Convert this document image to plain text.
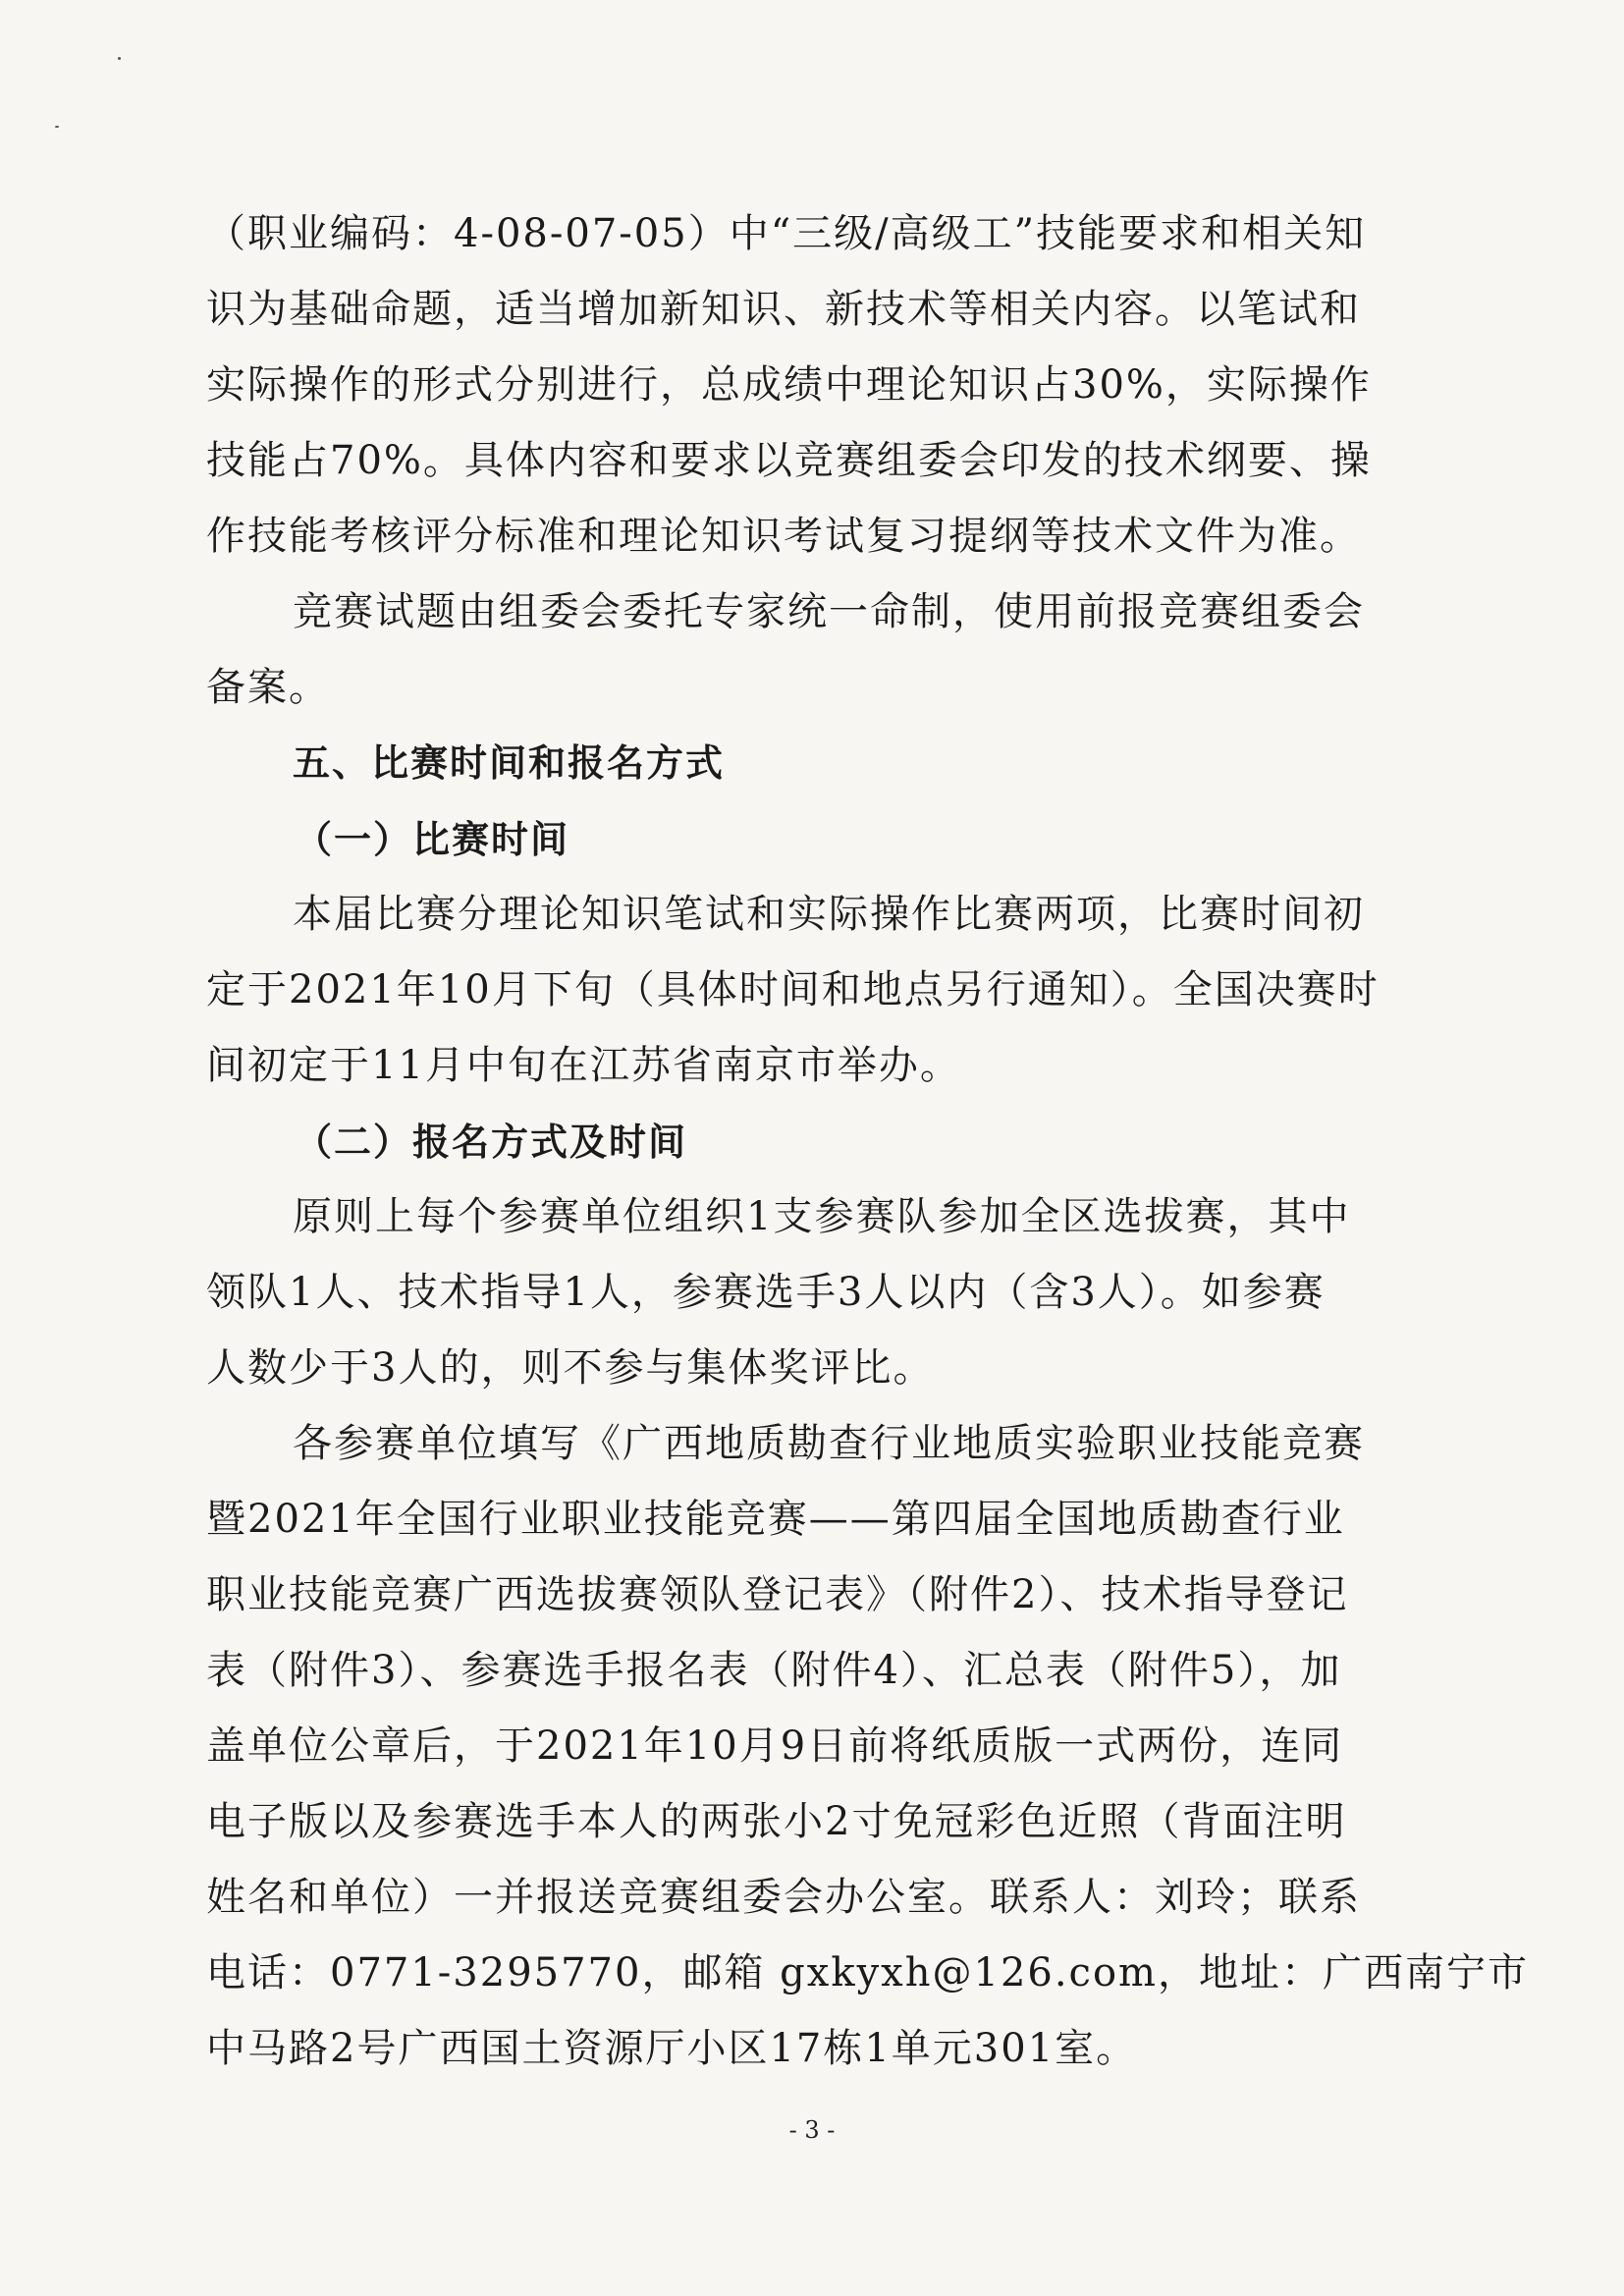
（职业编码：4-08-07-05）中“三级/高级工”技能要求和相关知
识为基础命题，适当增加新知识、新技术等相关内容。以笔试和
实际操作的形式分别进行，总成绩中理论知识占30%，实际操作
技能占70%。具体内容和要求以竞赛组委会印发的技术纲要、操
作技能考核评分标准和理论知识考试复习提纲等技术文件为准。

竞赛试题由组委会委托专家统一命制，使用前报竞赛组委会
备案。

五、比赛时间和报名方式

（一）比赛时间

本届比赛分理论知识笔试和实际操作比赛两项，比赛时间初
定于2021年10月下旬（具体时间和地点另行通知）。全国决赛时
间初定于11月中旬在江苏省南京市举办。

（二）报名方式及时间

原则上每个参赛单位组织1支参赛队参加全区选拔赛，其中
领队1人、技术指导1人，参赛选手3人以内（含3人）。如参赛
人数少于3人的，则不参与集体奖评比。

各参赛单位填写《广西地质勘查行业地质实验职业技能竞赛
暨2021年全国行业职业技能竞赛——第四届全国地质勘查行业
职业技能竞赛广西选拔赛领队登记表》（附件2）、技术指导登记
表（附件3）、参赛选手报名表（附件4）、汇总表（附件5），加
盖单位公章后，于2021年10月9日前将纸质版一式两份，连同
电子版以及参赛选手本人的两张小2寸免冠彩色近照（背面注明
姓名和单位）一并报送竞赛组委会办公室。联系人：刘玲；联系
电话：0771-3295770，邮箱 gxkyxh@126.com，地址：广西南宁市
中马路2号广西国土资源厅小区17栋1单元301室。

- 3 -
